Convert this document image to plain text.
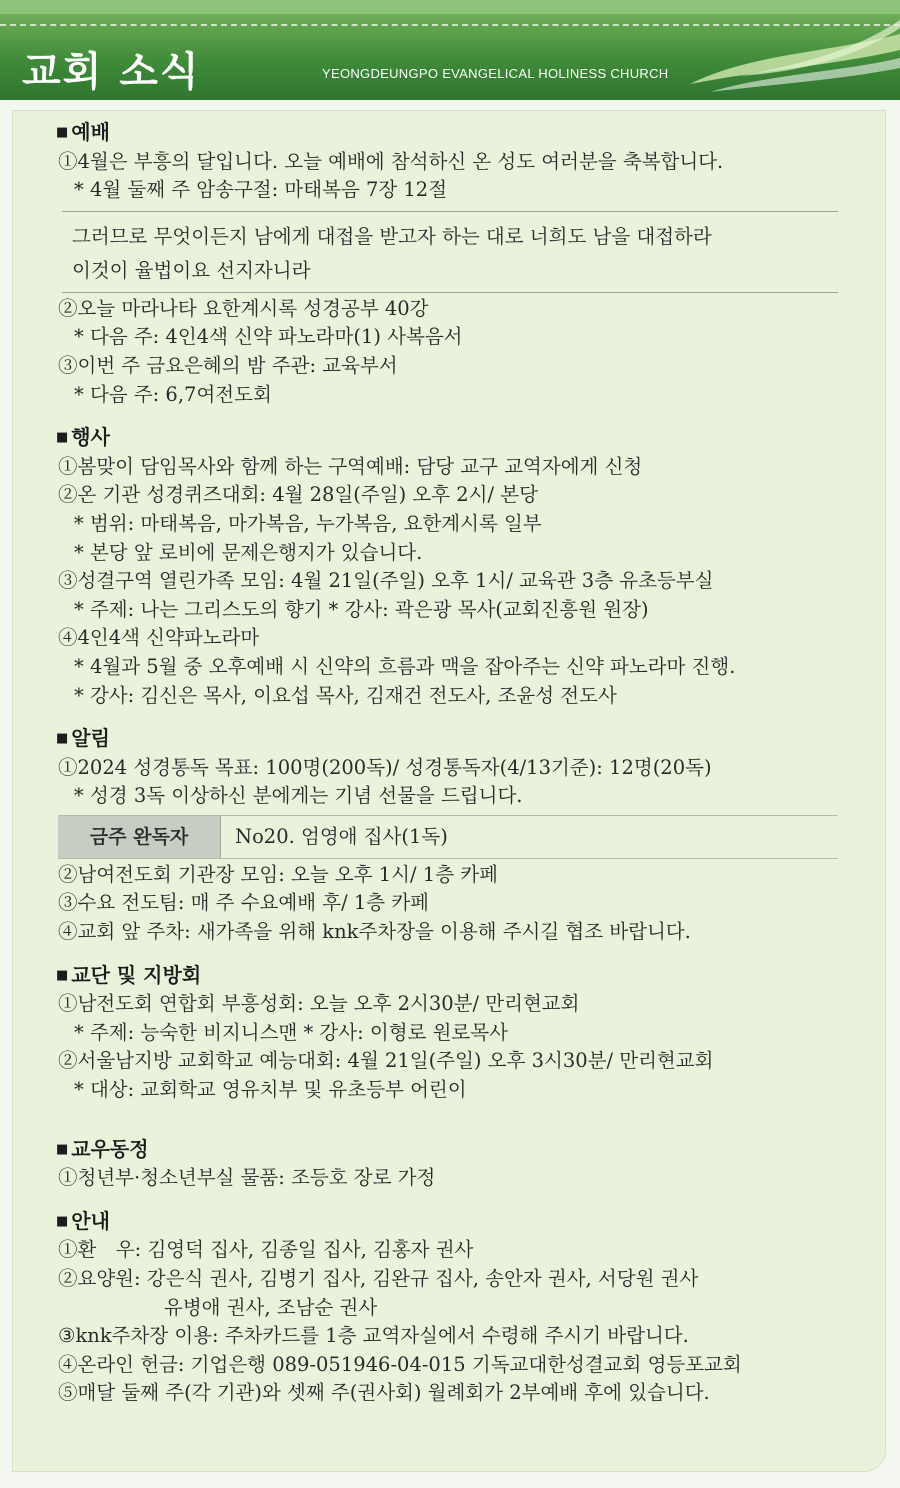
교회 소식	YEONGDEUNGPO EVANGELICAL HOLINESS CHURCH
■ 예배
①4월은 부흥의 달입니다. 오늘 예배에 참석하신 온 성도 여러분을 축복합니다.
* 4월 둘째 주 암송구절: 마태복음 7장 12절
그러므로 무엇이든지 남에게 대접을 받고자 하는 대로 너희도 남을 대접하라
이것이 율법이요 선지자니라
②오늘 마라나타 요한계시록 성경공부 40강
* 다음 주: 4인4색 신약 파노라마(1) 사복음서
③이번 주 금요은혜의 밤 주관: 교육부서
* 다음 주: 6,7여전도회
■ 행사
①봄맞이 담임목사와 함께 하는 구역예배: 담당 교구 교역자에게 신청
②온 기관 성경퀴즈대회: 4월 28일(주일) 오후 2시/ 본당
* 범위: 마태복음, 마가복음, 누가복음, 요한계시록 일부
* 본당 앞 로비에 문제은행지가 있습니다.
③성결구역 열린가족 모임: 4월 21일(주일) 오후 1시/ 교육관 3층 유초등부실
* 주제: 나는 그리스도의 향기 * 강사: 곽은광 목사(교회진흥원 원장)
④4인4색 신약파노라마
* 4월과 5월 중 오후예배 시 신약의 흐름과 맥을 잡아주는 신약 파노라마 진행.
* 강사: 김신은 목사, 이요섭 목사, 김재건 전도사, 조윤성 전도사
■ 알림
①2024 성경통독 목표: 100명(200독)/ 성경통독자(4/13기준): 12명(20독)
* 성경 3독 이상하신 분에게는 기념 선물을 드립니다.
금주 완독자	No20. 엄영애 집사(1독)
②남여전도회 기관장 모임: 오늘 오후 1시/ 1층 카페
③수요 전도팀: 매 주 수요예배 후/ 1층 카페
④교회 앞 주차: 새가족을 위해 knk주차장을 이용해 주시길 협조 바랍니다.
■ 교단 및 지방회
①남전도회 연합회 부흥성회: 오늘 오후 2시30분/ 만리현교회
* 주제: 능숙한 비지니스맨 * 강사: 이형로 원로목사
②서울남지방 교회학교 예능대회: 4월 21일(주일) 오후 3시30분/ 만리현교회
* 대상: 교회학교 영유치부 및 유초등부 어린이
■ 교우동정
①청년부·청소년부실 물품: 조등호 장로 가정
■ 안내
①환　우: 김영덕 집사, 김종일 집사, 김홍자 권사
②요양원: 강은식 권사, 김병기 집사, 김완규 집사, 송안자 권사, 서당원 권사
유병애 권사, 조남순 권사
③knk주차장 이용: 주차카드를 1층 교역자실에서 수령해 주시기 바랍니다.
④온라인 헌금: 기업은행 089-051946-04-015 기독교대한성결교회 영등포교회
⑤매달 둘째 주(각 기관)와 셋째 주(권사회) 월례회가 2부예배 후에 있습니다.
